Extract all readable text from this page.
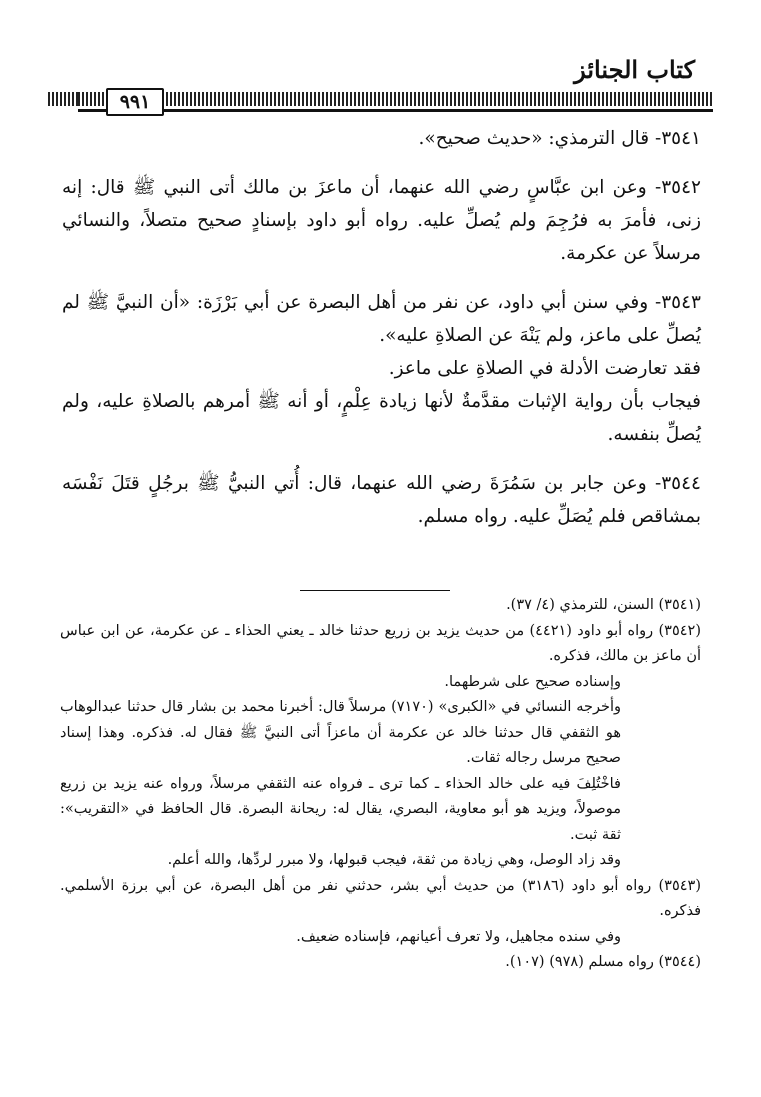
كتاب الجنائز
٩٩١

٣٥٤١- قال الترمذي: «حديث صحيح».

٣٥٤٢- وعن ابن عبَّاسٍ رضي الله عنهما، أن ماعزَ بن مالك أتى النبي ﷺ قال: إنه زنى، فأمرَ به فرُجِمَ ولم يُصلِّ عليه. رواه أبو داود بإسنادٍ صحيح متصلاً، والنسائي مرسلاً عن عكرمة.

٣٥٤٣- وفي سنن أبي داود، عن نفر من أهل البصرة عن أبي بَرْزَة: «أن النبيَّ ﷺ لم يُصلِّ على ماعز، ولم يَنْهَ عن الصلاةِ عليه».

فقد تعارضت الأدلة في الصلاةِ على ماعز.

فيجاب بأن رواية الإثبات مقدَّمةٌ لأنها زيادة عِلْمٍ، أو أنه ﷺ أمرهم بالصلاةِ عليه، ولم يُصلِّ بنفسه.

٣٥٤٤- وعن جابر بن سَمُرَةَ رضي الله عنهما، قال: أُتي النبيُّ ﷺ برجُلٍ قتَلَ نَفْسَه بمشاقص فلم يُصَلِّ عليه. رواه مسلم.

(٣٥٤١) السنن، للترمذي (٤/ ٣٧).

(٣٥٤٢) رواه أبو داود (٤٤٢١) من حديث يزيد بن زريع حدثنا خالد ـ يعني الحذاء ـ عن عكرمة، عن ابن عباس أن ماعز بن مالك، فذكره.

وإسناده صحيح على شرطهما.

وأخرجه النسائي في «الكبرى» (٧١٧٠) مرسلاً قال: أخبرنا محمد بن بشار قال حدثنا عبدالوهاب هو الثقفي قال حدثنا خالد عن عكرمة أن ماعزاً أتى النبيَّ ﷺ فقال له. فذكره. وهذا إسناد صحيح مرسل رجاله ثقات.

فاخْتُلِفَ فيه على خالد الحذاء ـ كما ترى ـ فرواه عنه الثقفي مرسلاً، ورواه عنه يزيد بن زريع موصولاً، ويزيد هو أبو معاوية، البصري، يقال له: ريحانة البصرة. قال الحافظ في «التقريب»: ثقة ثبت.

وقد زاد الوصل، وهي زيادة من ثقة، فيجب قبولها، ولا مبرر لردِّها، والله أعلم.

(٣٥٤٣) رواه أبو داود (٣١٨٦) من حديث أبي بشر، حدثني نفر من أهل البصرة، عن أبي برزة الأسلمي. فذكره.

وفي سنده مجاهيل، ولا تعرف أعيانهم، فإسناده ضعيف.

(٣٥٤٤) رواه مسلم (٩٧٨) (١٠٧).
